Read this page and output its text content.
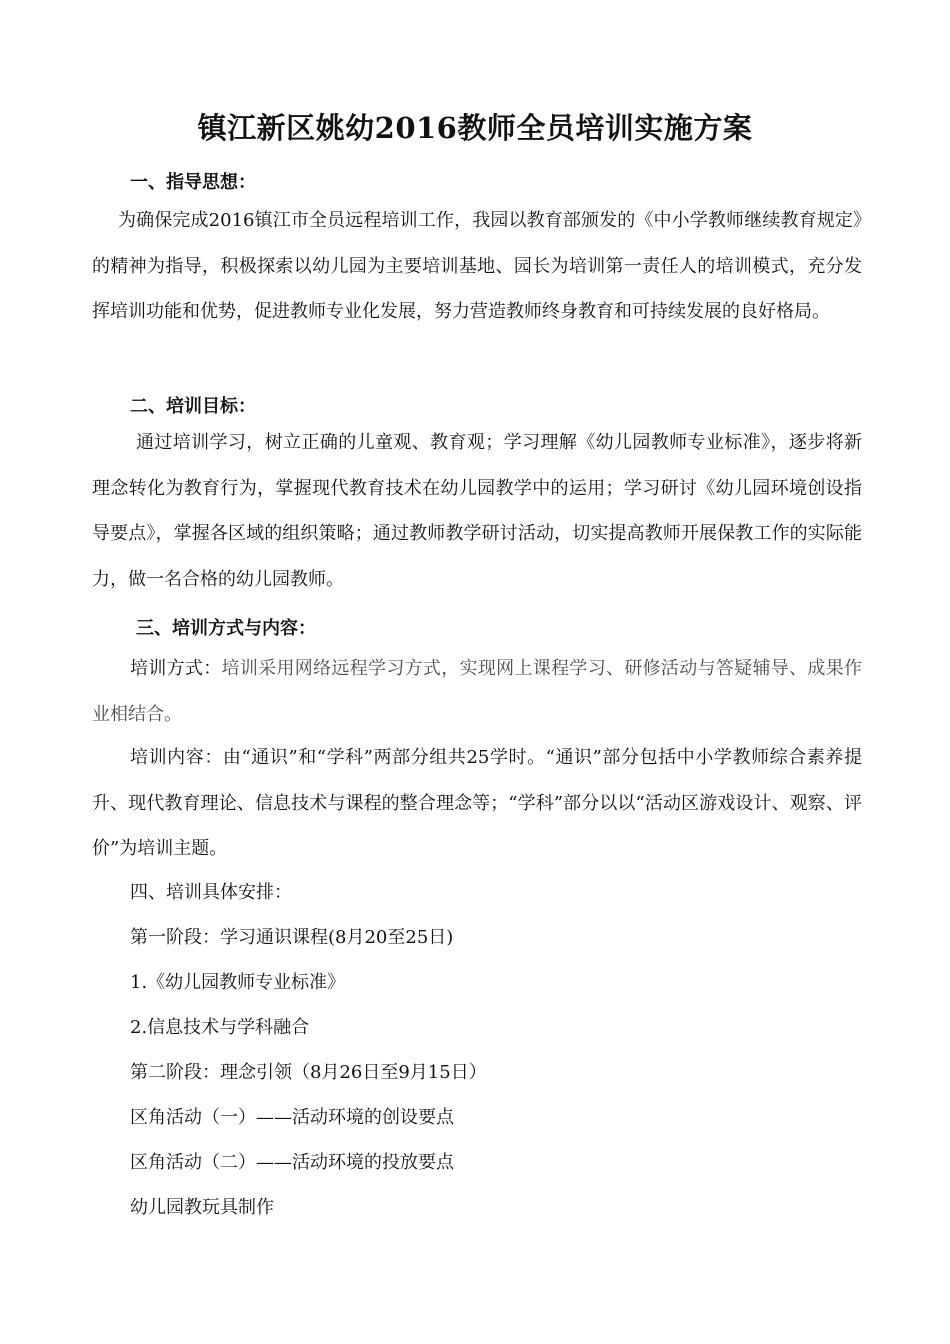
镇江新区姚幼2016教师全员培训实施方案
一、指导思想：
为确保完成2016镇江市全员远程培训工作，我园以教育部颁发的《中小学教师继续教育规定》的精神为指导，积极探索以幼儿园为主要培训基地、园长为培训第一责任人的培训模式，充分发挥培训功能和优势，促进教师专业化发展，努力营造教师终身教育和可持续发展的良好格局。
二、培训目标：
通过培训学习，树立正确的儿童观、教育观；学习理解《幼儿园教师专业标准》，逐步将新理念转化为教育行为，掌握现代教育技术在幼儿园教学中的运用；学习研讨《幼儿园环境创设指导要点》，掌握各区域的组织策略；通过教师教学研讨活动，切实提高教师开展保教工作的实际能力，做一名合格的幼儿园教师。
三、培训方式与内容：
培训方式：培训采用网络远程学习方式，实现网上课程学习、研修活动与答疑辅导、成果作业相结合。
培训内容：由“通识”和“学科”两部分组共25学时。“通识”部分包括中小学教师综合素养提升、现代教育理论、信息技术与课程的整合理念等；“学科”部分以以“活动区游戏设计、观察、评价”为培训主题。
四、培训具体安排：
第一阶段：学习通识课程(8月20至25日)
1.《幼儿园教师专业标准》
2.信息技术与学科融合
第二阶段：理念引领（8月26日至9月15日）
区角活动（一）——活动环境的创设要点
区角活动（二）——活动环境的投放要点
幼儿园教玩具制作
